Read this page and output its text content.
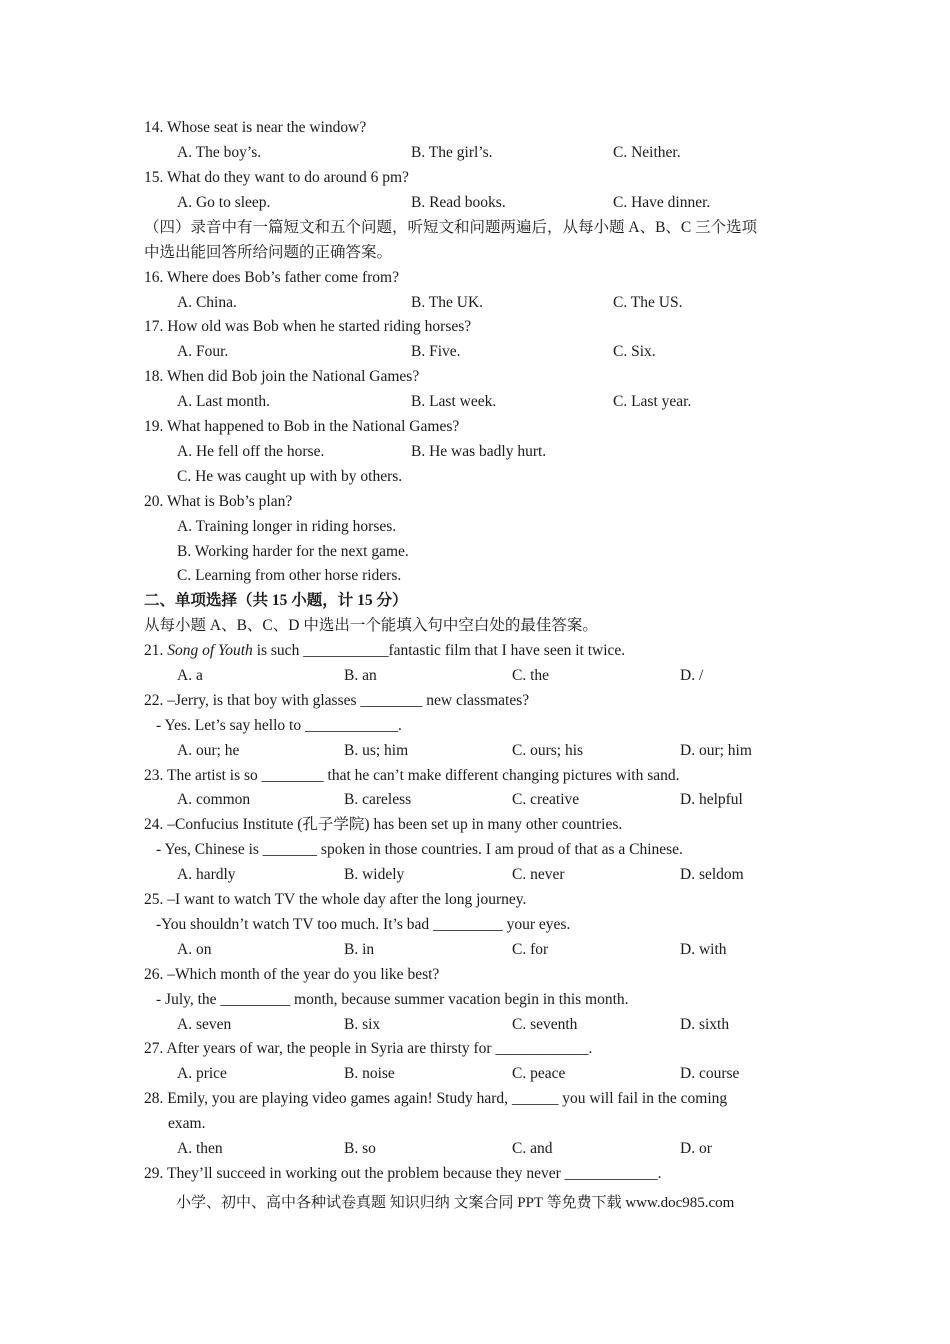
14. Whose seat is near the window?
A. The boy’s.	B. The girl’s.	C. Neither.
15. What do they want to do around 6 pm?
A. Go to sleep.	B. Read books.	C. Have dinner.
（四）录音中有一篇短文和五个问题，听短文和问题两遍后，从每小题 A、B、C 三个选项
中选出能回答所给问题的正确答案。
16. Where does Bob’s father come from?
A. China.	B. The UK.	C. The US.
17. How old was Bob when he started riding horses?
A. Four.	B. Five.	C. Six.
18. When did Bob join the National Games?
A. Last month.	B. Last week.	C. Last year.
19. What happened to Bob in the National Games?
A. He fell off the horse.	B. He was badly hurt.
C. He was caught up with by others.
20. What is Bob’s plan?
A. Training longer in riding horses.
B. Working harder for the next game.
C. Learning from other horse riders.
二、单项选择（共 15 小题，计 15 分）
从每小题 A、B、C、D 中选出一个能填入句中空白处的最佳答案。
21. Song of Youth is such ___________fantastic film that I have seen it twice.
A. a	B. an	C. the	D. /
22. –Jerry, is that boy with glasses ________ new classmates?
- Yes. Let’s say hello to ____________.
A. our; he	B. us; him	C. ours; his	D. our; him
23. The artist is so ________ that he can’t make different changing pictures with sand.
A. common	B. careless	C. creative	D. helpful
24. –Confucius Institute (孔子学院) has been set up in many other countries.
- Yes, Chinese is _______ spoken in those countries. I am proud of that as a Chinese.
A. hardly	B. widely	C. never	D. seldom
25. –I want to watch TV the whole day after the long journey.
-You shouldn’t watch TV too much. It’s bad _________ your eyes.
A. on	B. in	C. for	D. with
26. –Which month of the year do you like best?
- July, the _________ month, because summer vacation begin in this month.
A. seven	B. six	C. seventh	D. sixth
27. After years of war, the people in Syria are thirsty for ____________.
A. price	B. noise	C. peace	D. course
28. Emily, you are playing video games again! Study hard, ______ you will fail in the coming
exam.
A. then	B. so	C. and	D. or
29. They’ll succeed in working out the problem because they never ____________.
小学、初中、高中各种试卷真题 知识归纳 文案合同 PPT 等免费下载 www.doc985.com
